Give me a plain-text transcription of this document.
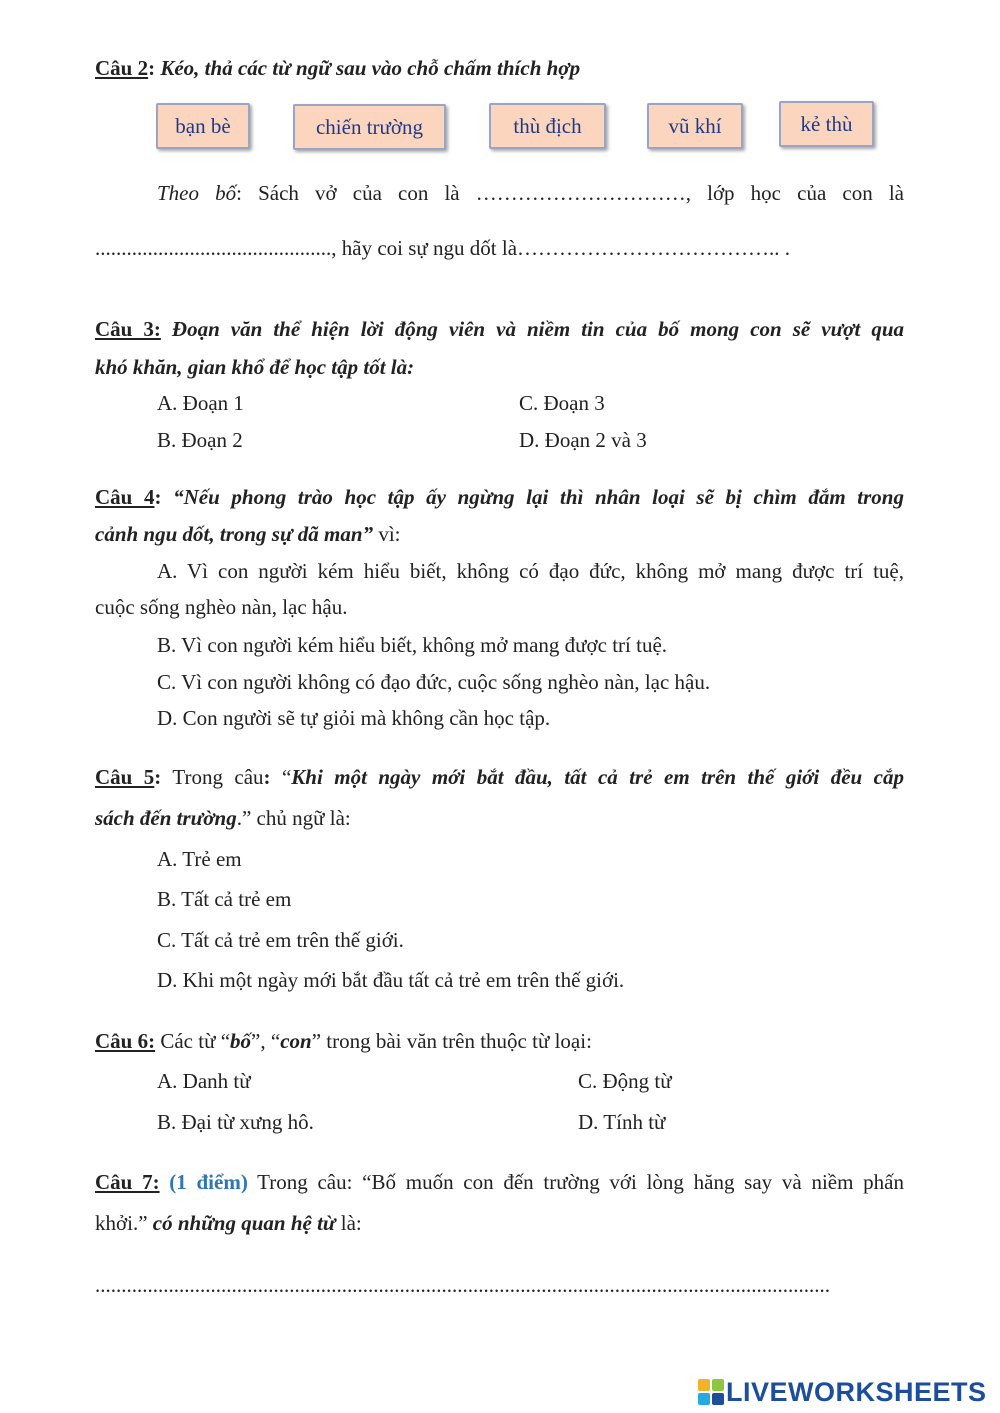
Câu 2: Kéo, thả các từ ngữ sau vào chỗ chấm thích hợp
bạn bè	chiến trường	thù địch	vũ khí	kẻ thù
Theo bố: Sách vở của con là …………………………, lớp học của con là
............................................., hãy coi sự ngu dốt là……………………………….. .
Câu 3: Đoạn văn thể hiện lời động viên và niềm tin của bố mong con sẽ vượt qua
khó khăn, gian khổ để học tập tốt là:
A. Đoạn 1	C. Đoạn 3
B. Đoạn 2	D. Đoạn 2 và 3
Câu 4: “Nếu phong trào học tập ấy ngừng lại thì nhân loại sẽ bị chìm đắm trong
cảnh ngu dốt, trong sự dã man” vì:
A. Vì con người kém hiểu biết, không có đạo đức, không mở mang được trí tuệ,
cuộc sống nghèo nàn, lạc hậu.
B. Vì con người kém hiểu biết, không mở mang được trí tuệ.
C. Vì con người không có đạo đức, cuộc sống nghèo nàn, lạc hậu.
D. Con người sẽ tự giỏi mà không cần học tập.
Câu 5: Trong câu: “Khi một ngày mới bắt đầu, tất cả trẻ em trên thế giới đều cắp
sách đến trường.” chủ ngữ là:
A. Trẻ em
B. Tất cả trẻ em
C. Tất cả trẻ em trên thế giới.
D. Khi một ngày mới bắt đầu tất cả trẻ em trên thế giới.
Câu 6: Các từ “bố”, “con” trong bài văn trên thuộc từ loại:
A. Danh từ	C. Động từ
B. Đại từ xưng hô.	D. Tính từ
Câu 7: (1 điểm) Trong câu: “Bố muốn con đến trường với lòng hăng say và niềm phấn
khởi.” có những quan hệ từ là:
............................................................................................................................................
LIVEWORKSHEETS
